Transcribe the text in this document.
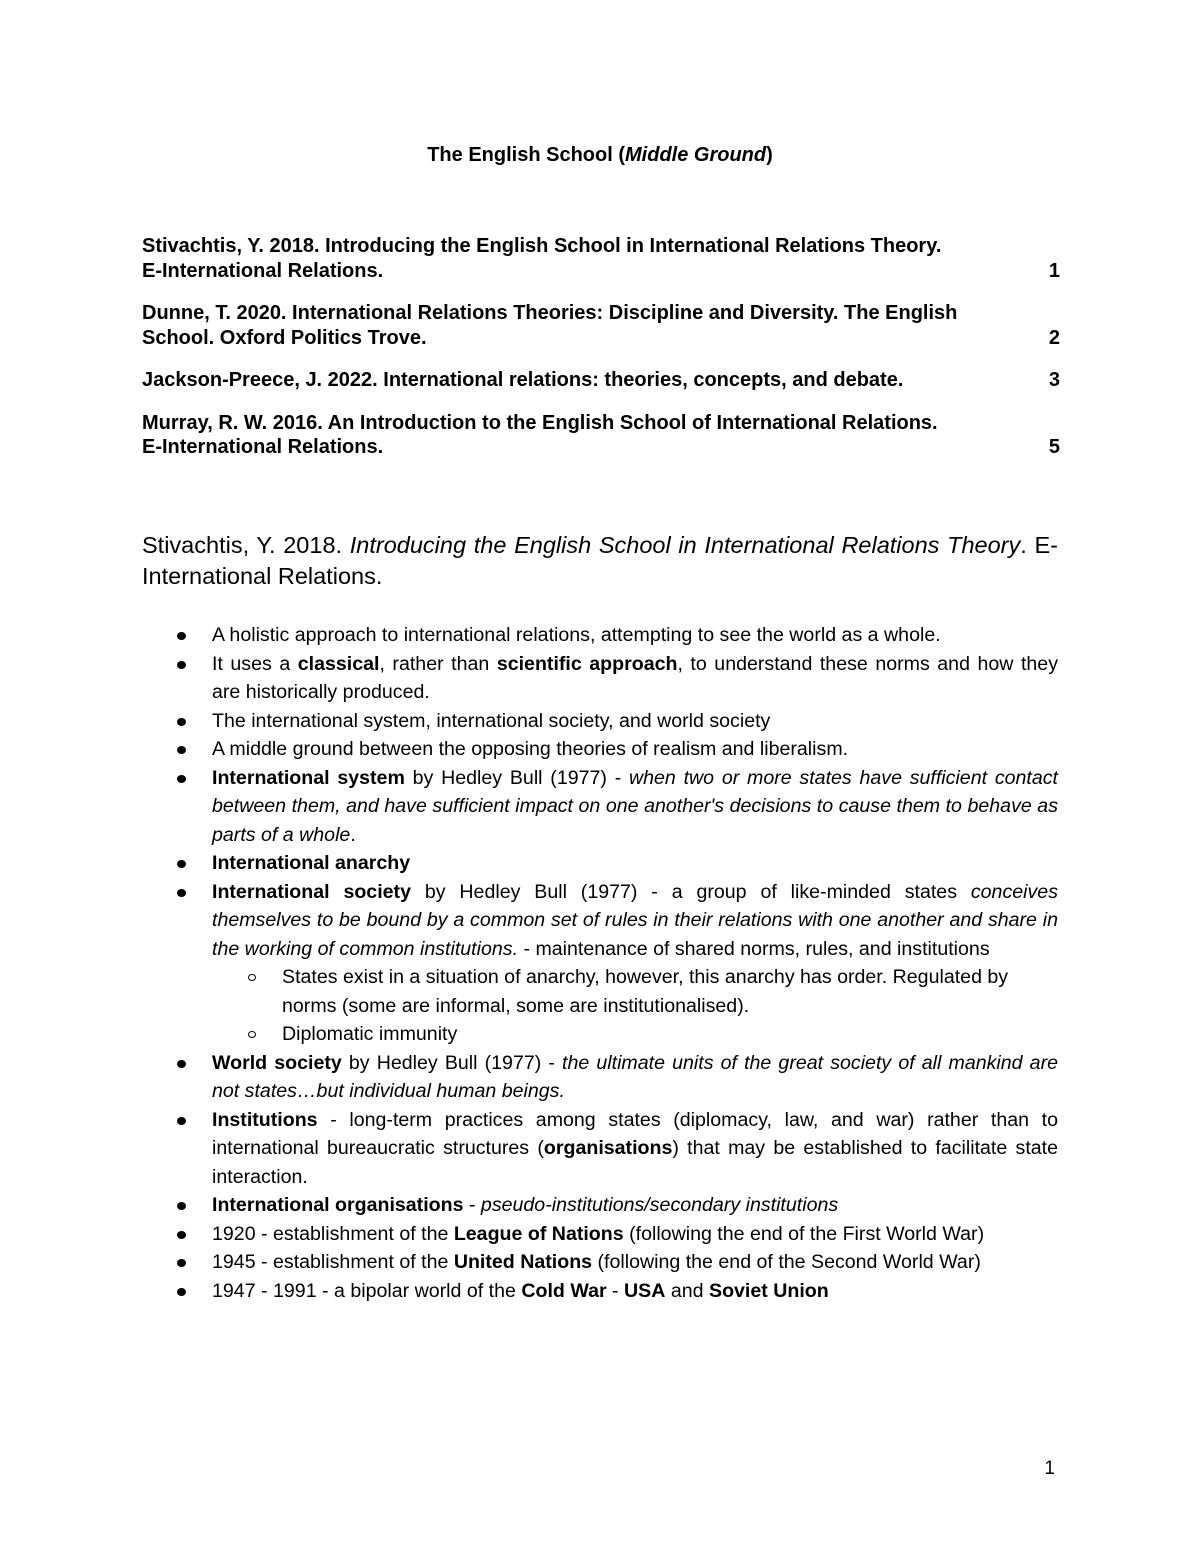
The English School (Middle Ground)
Stivachtis, Y. 2018. Introducing the English School in International Relations Theory.
E-International Relations.	1
Dunne, T. 2020. International Relations Theories: Discipline and Diversity. The English
School. Oxford Politics Trove.	2
Jackson-Preece, J. 2022. International relations: theories, concepts, and debate.	3
Murray, R. W. 2016. An Introduction to the English School of International Relations.
E-International Relations.	5
Stivachtis, Y. 2018. Introducing the English School in International Relations Theory. E-International Relations.
A holistic approach to international relations, attempting to see the world as a whole.
It uses a classical, rather than scientific approach, to understand these norms and how they are historically produced.
The international system, international society, and world society
A middle ground between the opposing theories of realism and liberalism.
International system by Hedley Bull (1977) - when two or more states have sufficient contact between them, and have sufficient impact on one another's decisions to cause them to behave as parts of a whole.
International anarchy
International society by Hedley Bull (1977) - a group of like-minded states conceives themselves to be bound by a common set of rules in their relations with one another and share in the working of common institutions. - maintenance of shared norms, rules, and institutions
States exist in a situation of anarchy, however, this anarchy has order. Regulated by norms (some are informal, some are institutionalised).
Diplomatic immunity
World society by Hedley Bull (1977) - the ultimate units of the great society of all mankind are not states…but individual human beings.
Institutions - long-term practices among states (diplomacy, law, and war) rather than to international bureaucratic structures (organisations) that may be established to facilitate state interaction.
International organisations - pseudo-institutions/secondary institutions
1920 - establishment of the League of Nations (following the end of the First World War)
1945 - establishment of the United Nations (following the end of the Second World War)
1947 - 1991 - a bipolar world of the Cold War - USA and Soviet Union
1
